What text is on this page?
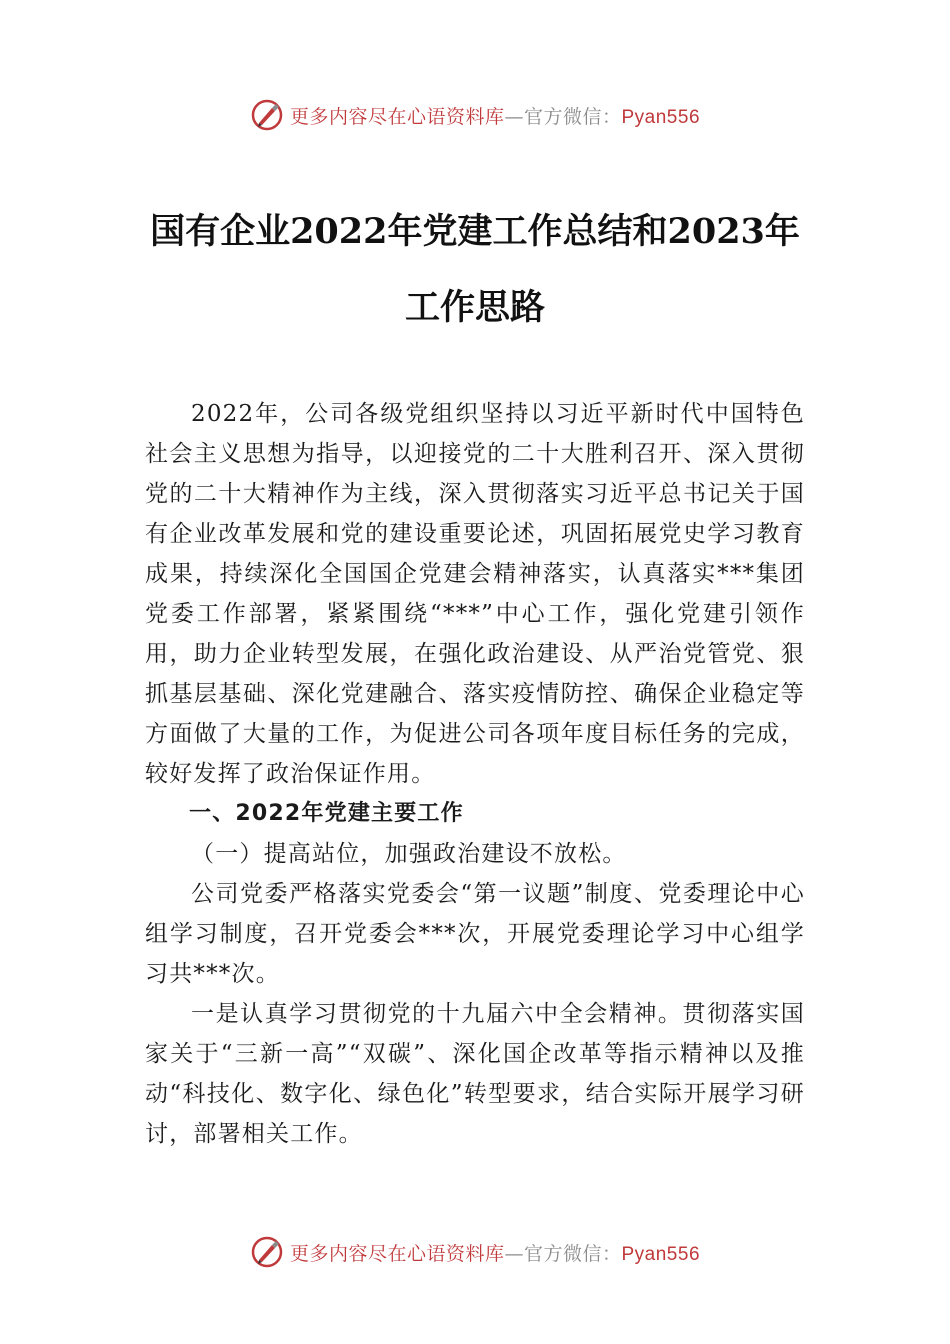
更多内容尽在心语资料库—官方微信：Pyan556
国有企业2022年党建工作总结和2023年
工作思路

2022年，公司各级党组织坚持以习近平新时代中国特色社会主义思想为指导，以迎接党的二十大胜利召开、深入贯彻党的二十大精神作为主线，深入贯彻落实习近平总书记关于国有企业改革发展和党的建设重要论述，巩固拓展党史学习教育成果，持续深化全国国企党建会精神落实，认真落实***集团党委工作部署，紧紧围绕“***”中心工作，强化党建引领作用，助力企业转型发展，在强化政治建设、从严治党管党、狠抓基层基础、深化党建融合、落实疫情防控、确保企业稳定等方面做了大量的工作，为促进公司各项年度目标任务的完成，较好发挥了政治保证作用。

一、2022年党建主要工作

（一）提高站位，加强政治建设不放松。

公司党委严格落实党委会“第一议题”制度、党委理论中心组学习制度，召开党委会***次，开展党委理论学习中心组学习共***次。

一是认真学习贯彻党的十九届六中全会精神。贯彻落实国家关于“三新一高”“双碳”、深化国企改革等指示精神以及推动“科技化、数字化、绿色化”转型要求，结合实际开展学习研讨，部署相关工作。

更多内容尽在心语资料库—官方微信：Pyan556
